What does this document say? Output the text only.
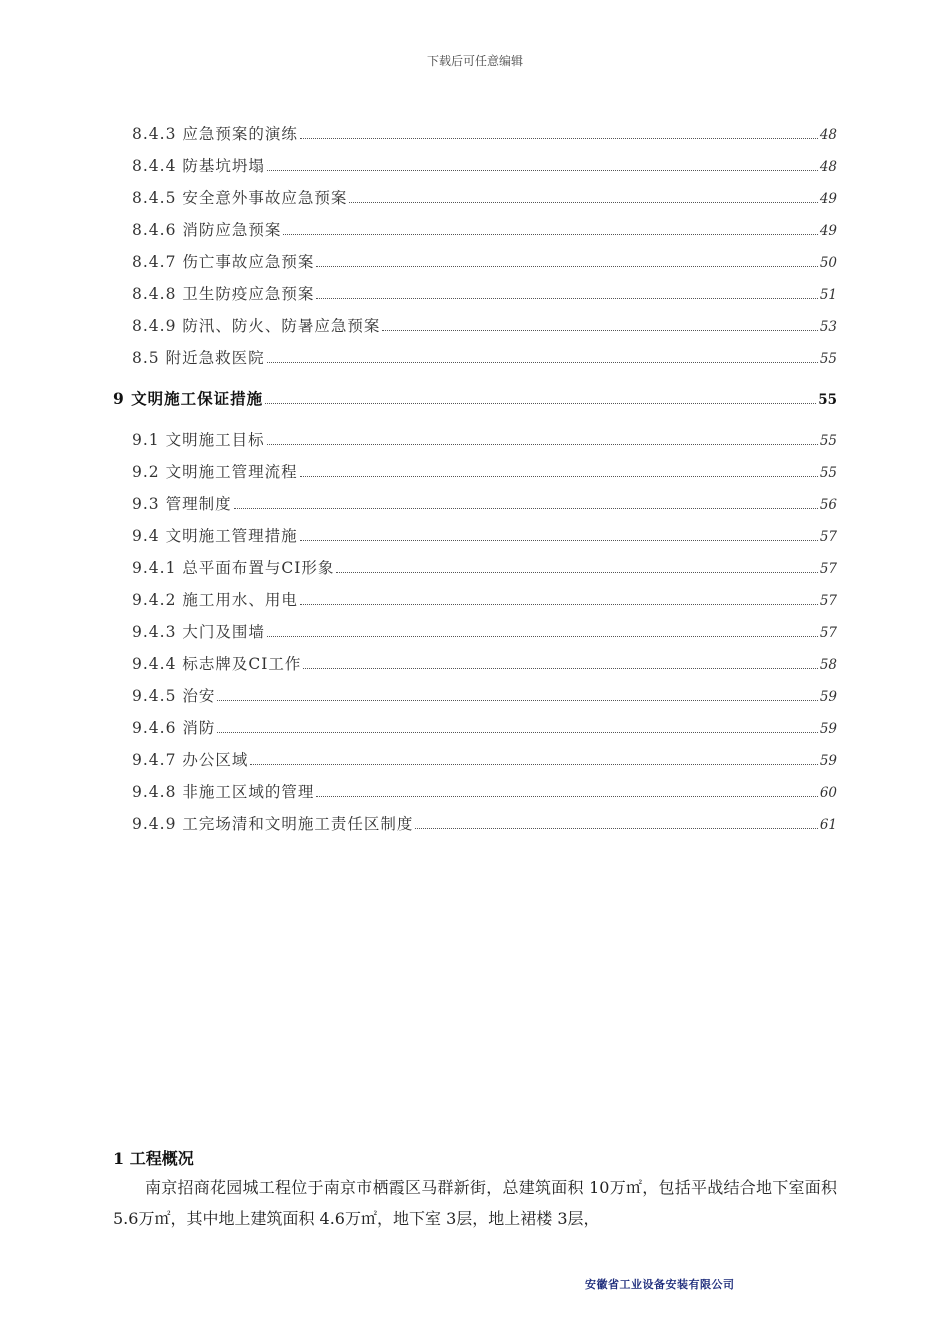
下载后可任意编辑
8.4.3 应急预案的演练	48
8.4.4 防基坑坍塌	48
8.4.5 安全意外事故应急预案	49
8.4.6 消防应急预案	49
8.4.7 伤亡事故应急预案	50
8.4.8 卫生防疫应急预案	51
8.4.9 防汛、防火、防暑应急预案	53
8.5 附近急救医院	55
9 文明施工保证措施	55
9.1 文明施工目标	55
9.2 文明施工管理流程	55
9.3 管理制度	56
9.4 文明施工管理措施	57
9.4.1 总平面布置与CI形象	57
9.4.2 施工用水、用电	57
9.4.3 大门及围墙	57
9.4.4 标志牌及CI工作	58
9.4.5 治安	59
9.4.6 消防	59
9.4.7 办公区域	59
9.4.8 非施工区域的管理	60
9.4.9 工完场清和文明施工责任区制度	61
1 工程概况

南京招商花园城工程位于南京市栖霞区马群新街，总建筑面积 10万㎡，包括平战结合地下室面积 5.6万㎡，其中地上建筑面积 4.6万㎡，地下室 3层，地上裙楼 3层，

安徽省工业设备安装有限公司
